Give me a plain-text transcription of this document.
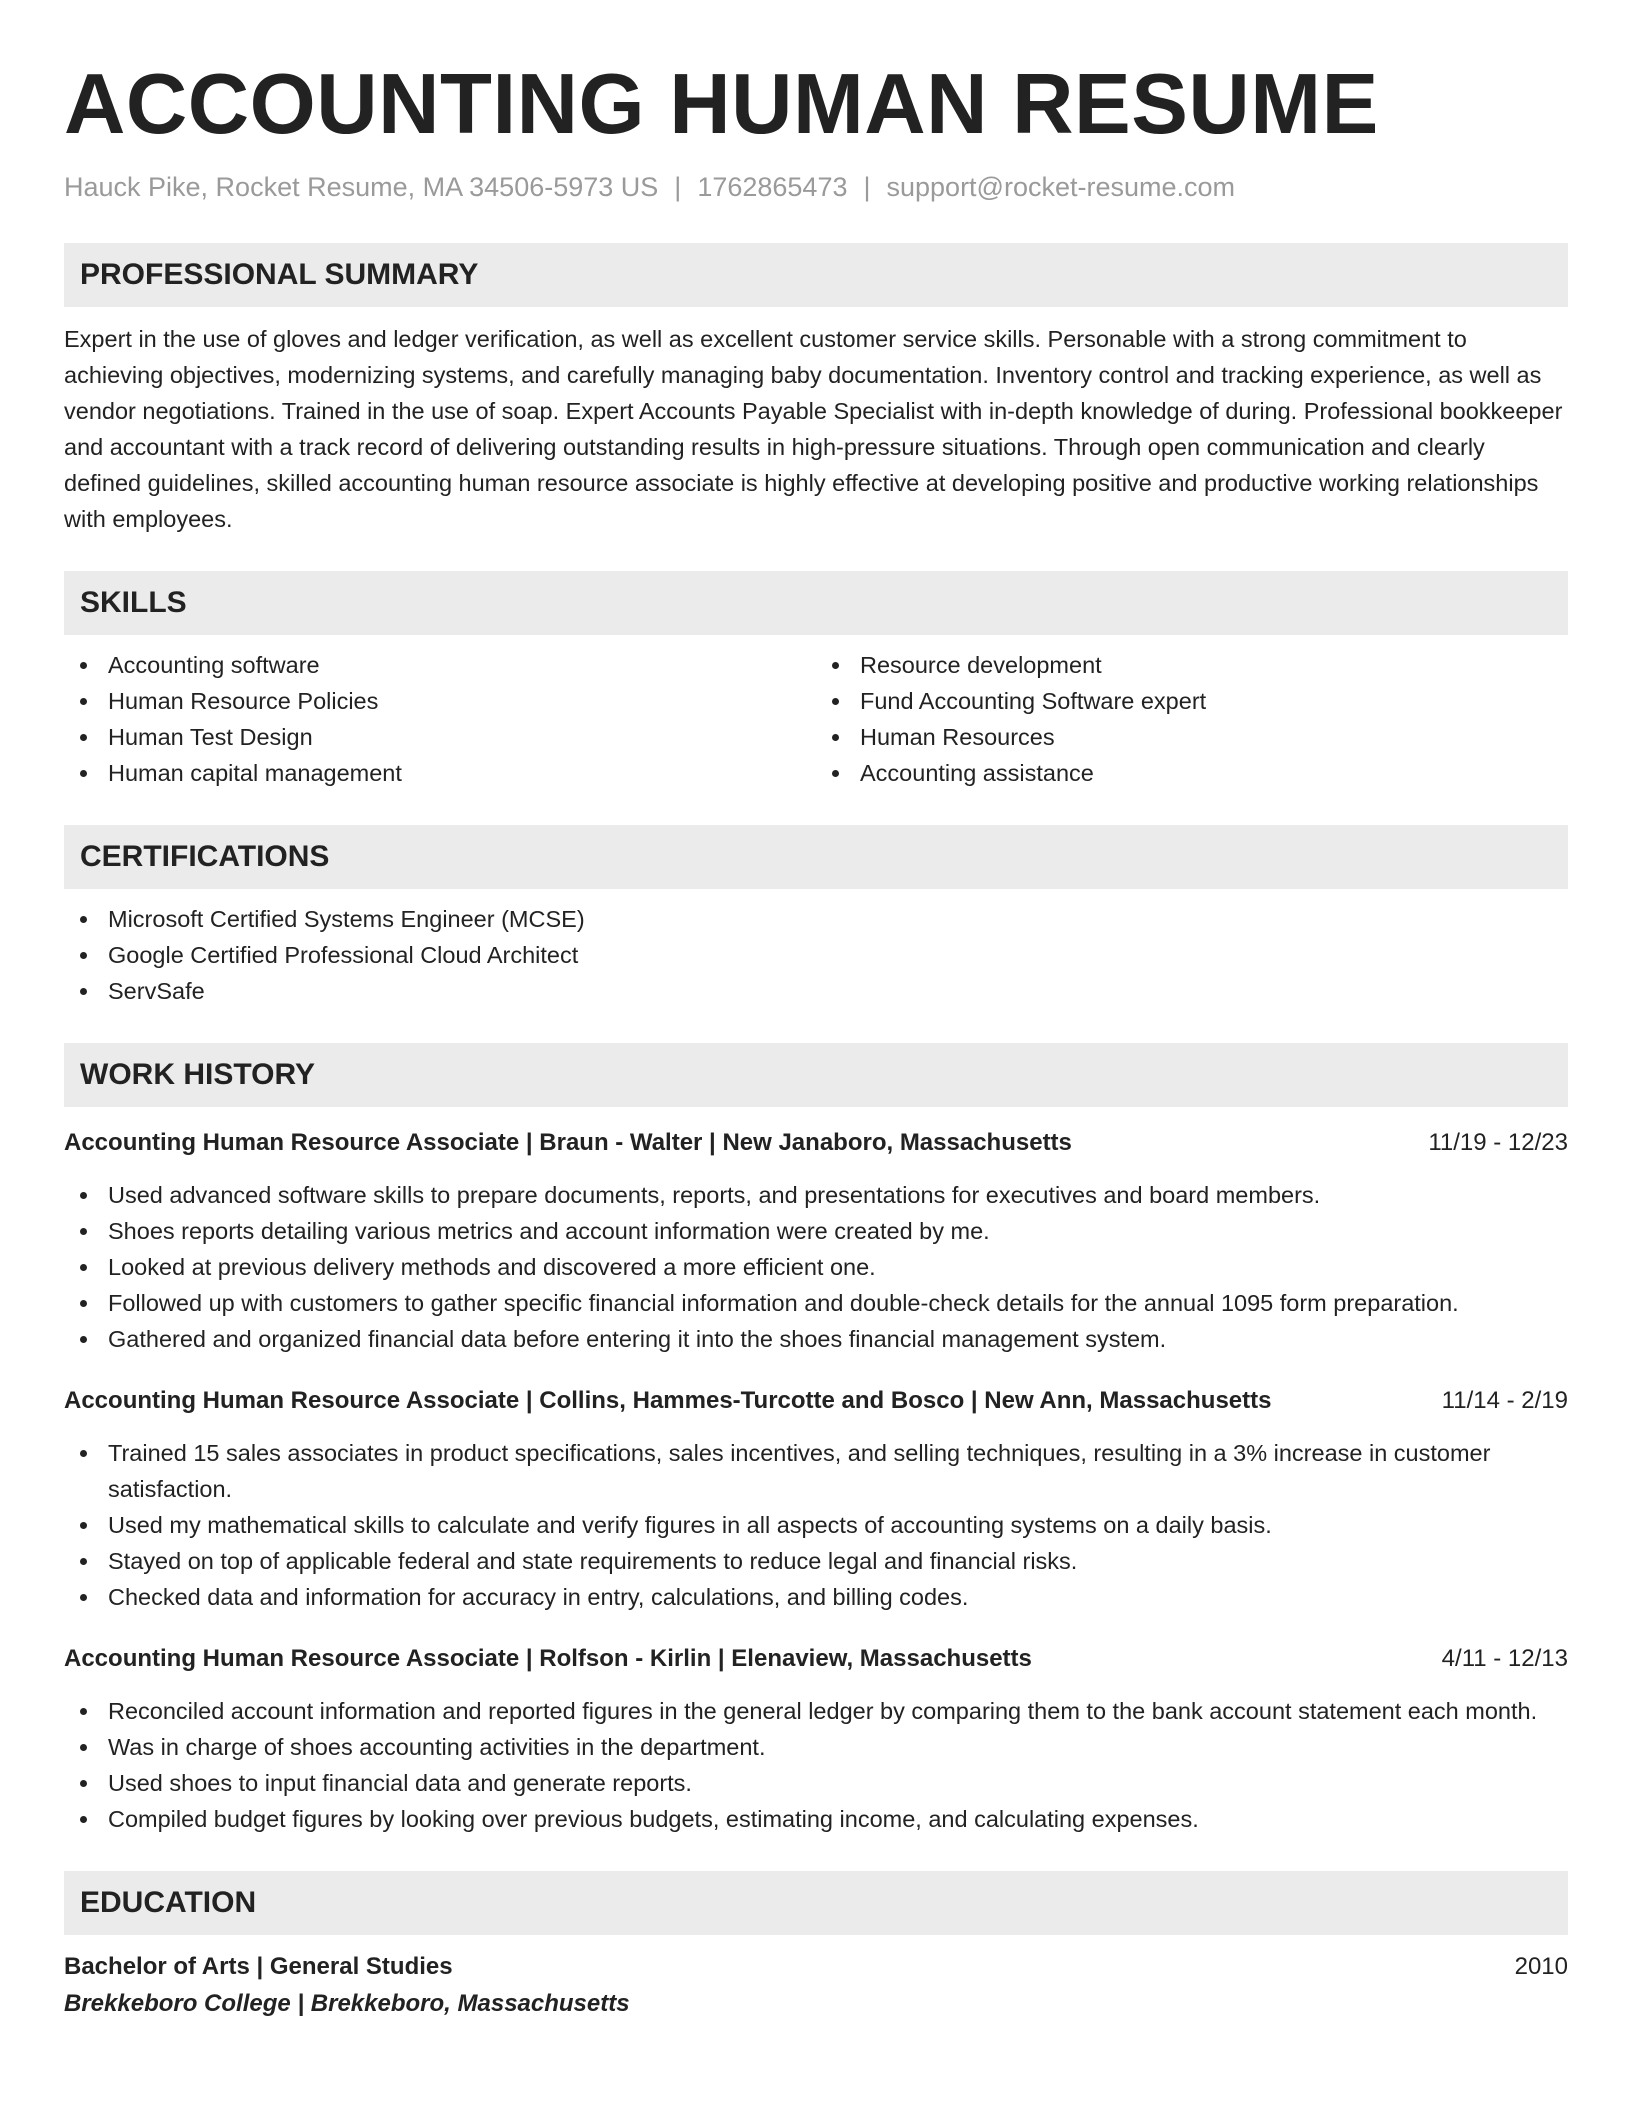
ACCOUNTING HUMAN RESUME
Hauck Pike, Rocket Resume, MA 34506-5973 US | 1762865473 | support@rocket-resume.com
PROFESSIONAL SUMMARY
Expert in the use of gloves and ledger verification, as well as excellent customer service skills. Personable with a strong commitment to achieving objectives, modernizing systems, and carefully managing baby documentation. Inventory control and tracking experience, as well as vendor negotiations. Trained in the use of soap. Expert Accounts Payable Specialist with in-depth knowledge of during. Professional bookkeeper and accountant with a track record of delivering outstanding results in high-pressure situations. Through open communication and clearly defined guidelines, skilled accounting human resource associate is highly effective at developing positive and productive working relationships with employees.
SKILLS
Accounting software
Human Resource Policies
Human Test Design
Human capital management
Resource development
Fund Accounting Software expert
Human Resources
Accounting assistance
CERTIFICATIONS
Microsoft Certified Systems Engineer (MCSE)
Google Certified Professional Cloud Architect
ServSafe
WORK HISTORY
Accounting Human Resource Associate | Braun - Walter | New Janaboro, Massachusetts	11/19 - 12/23
Used advanced software skills to prepare documents, reports, and presentations for executives and board members.
Shoes reports detailing various metrics and account information were created by me.
Looked at previous delivery methods and discovered a more efficient one.
Followed up with customers to gather specific financial information and double-check details for the annual 1095 form preparation.
Gathered and organized financial data before entering it into the shoes financial management system.
Accounting Human Resource Associate | Collins, Hammes-Turcotte and Bosco | New Ann, Massachusetts	11/14 - 2/19
Trained 15 sales associates in product specifications, sales incentives, and selling techniques, resulting in a 3% increase in customer satisfaction.
Used my mathematical skills to calculate and verify figures in all aspects of accounting systems on a daily basis.
Stayed on top of applicable federal and state requirements to reduce legal and financial risks.
Checked data and information for accuracy in entry, calculations, and billing codes.
Accounting Human Resource Associate | Rolfson - Kirlin | Elenaview, Massachusetts	4/11 - 12/13
Reconciled account information and reported figures in the general ledger by comparing them to the bank account statement each month.
Was in charge of shoes accounting activities in the department.
Used shoes to input financial data and generate reports.
Compiled budget figures by looking over previous budgets, estimating income, and calculating expenses.
EDUCATION
Bachelor of Arts | General Studies	2010
Brekkeboro College | Brekkeboro, Massachusetts
